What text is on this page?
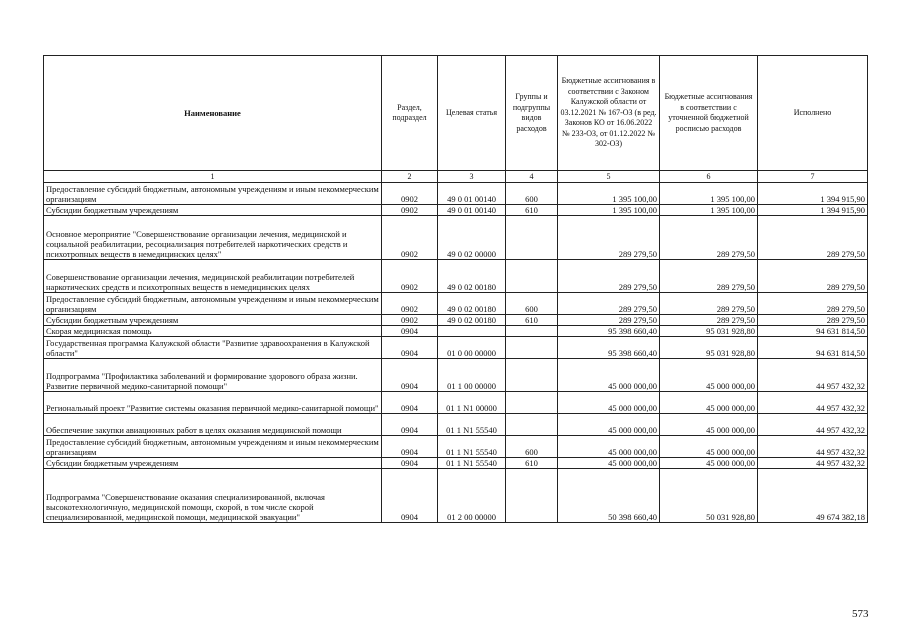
Наименование	Раздел, подраздел	Целевая статья	Группы и подгруппы видов расходов	Бюджетные ассигнования в соответствии с Законом Калужской области от 03.12.2021 № 167-ОЗ (в ред. Законов КО от 16.06.2022 № 233-ОЗ, от 01.12.2022 № 302-ОЗ)	Бюджетные ассигнования в соответствии с уточненной бюджетной росписью расходов	Исполнено
1	2	3	4	5	6	7
Предоставление субсидий бюджетным, автономным учреждениям и иным некоммерческим организациям	0902	49 0 01 00140	600	1 395 100,00	1 395 100,00	1 394 915,90
Субсидии бюджетным учреждениям	0902	49 0 01 00140	610	1 395 100,00	1 395 100,00	1 394 915,90
Основное мероприятие "Совершенствование организации лечения, медицинской и социальной реабилитации, ресоциализация потребителей наркотических средств и психотропных веществ в немедицинских целях"	0902	49 0 02 00000		289 279,50	289 279,50	289 279,50
Совершенствование организации лечения, медицинской реабилитации потребителей наркотических средств и психотропных веществ в немедицинских целях	0902	49 0 02 00180		289 279,50	289 279,50	289 279,50
Предоставление субсидий бюджетным, автономным учреждениям и иным некоммерческим организациям	0902	49 0 02 00180	600	289 279,50	289 279,50	289 279,50
Субсидии бюджетным учреждениям	0902	49 0 02 00180	610	289 279,50	289 279,50	289 279,50
Скорая медицинская помощь	0904			95 398 660,40	95 031 928,80	94 631 814,50
Государственная программа Калужской области "Развитие здравоохранения в Калужской области"	0904	01 0 00 00000		95 398 660,40	95 031 928,80	94 631 814,50
Подпрограмма "Профилактика заболеваний и формирование здорового образа жизни. Развитие первичной медико-санитарной помощи"	0904	01 1 00 00000		45 000 000,00	45 000 000,00	44 957 432,32
Региональный проект "Развитие системы оказания первичной медико-санитарной помощи"	0904	01 1 N1 00000		45 000 000,00	45 000 000,00	44 957 432,32
Обеспечение закупки авиационных работ в целях оказания медицинской помощи	0904	01 1 N1 55540		45 000 000,00	45 000 000,00	44 957 432,32
Предоставление субсидий бюджетным, автономным учреждениям и иным некоммерческим организациям	0904	01 1 N1 55540	600	45 000 000,00	45 000 000,00	44 957 432,32
Субсидии бюджетным учреждениям	0904	01 1 N1 55540	610	45 000 000,00	45 000 000,00	44 957 432,32
Подпрограмма "Совершенствование оказания специализированной, включая высокотехнологичную, медицинской помощи, скорой, в том числе скорой специализированной, медицинской помощи, медицинской эвакуации"	0904	01 2 00 00000		50 398 660,40	50 031 928,80	49 674 382,18
573
